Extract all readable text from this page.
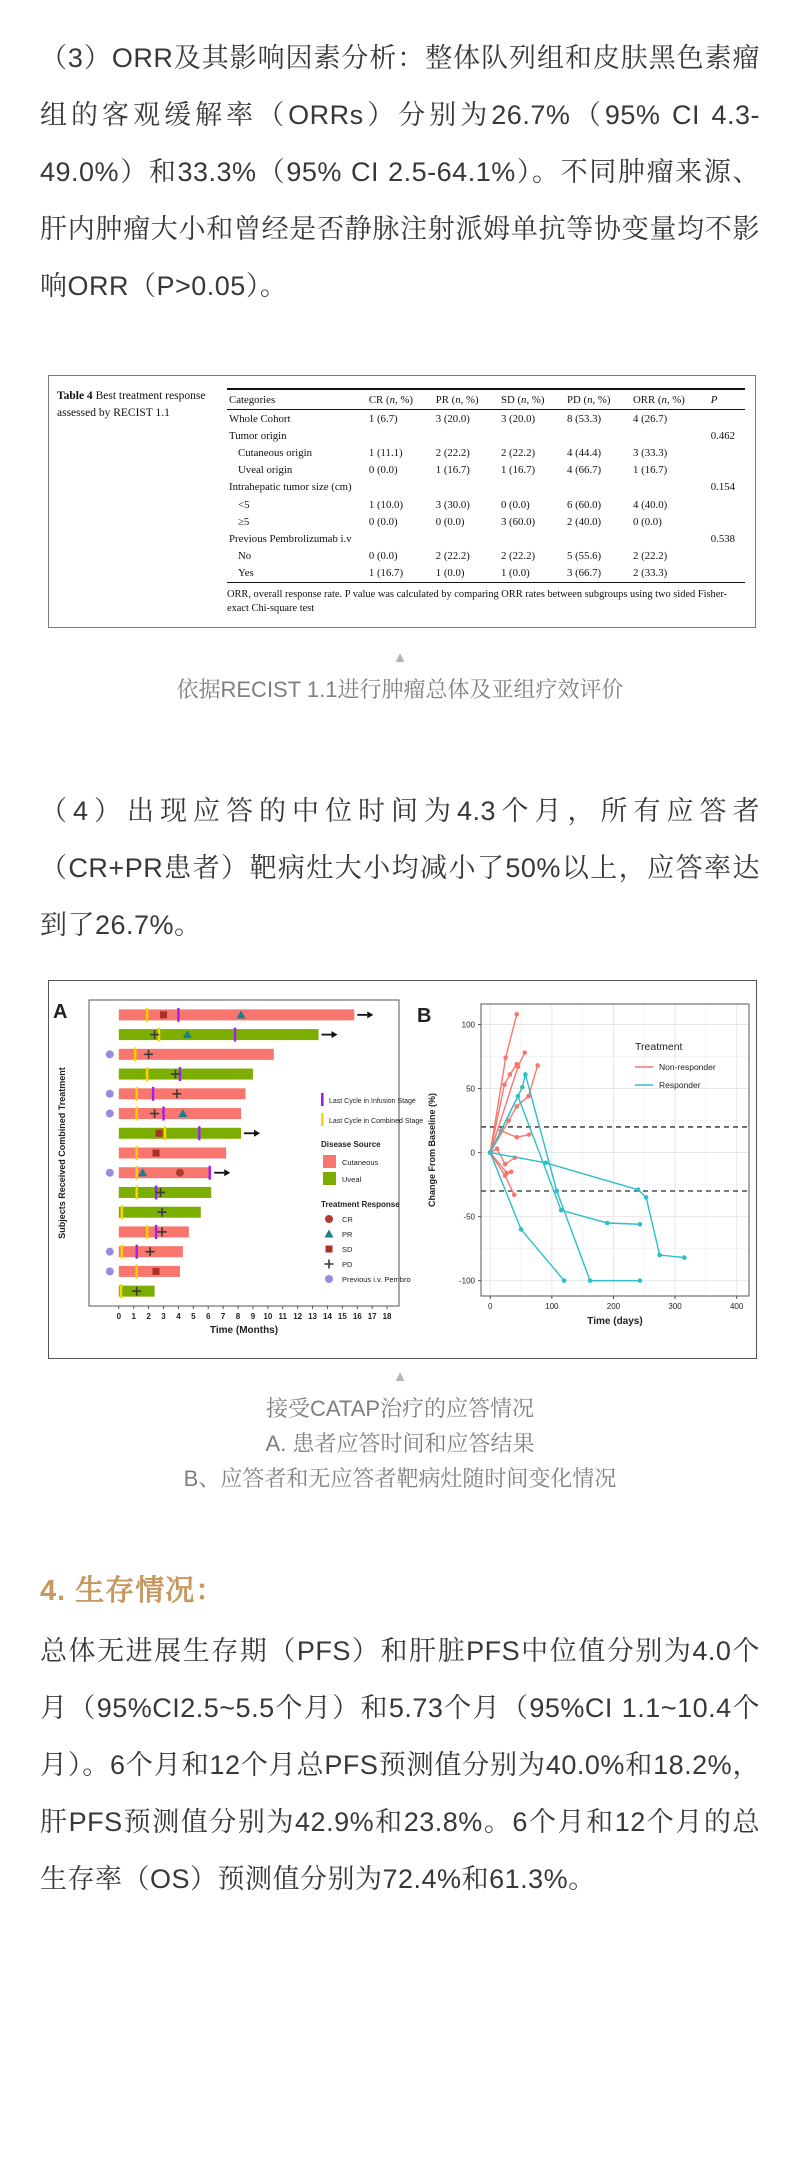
（3）ORR及其影响因素分析：整体队列组和皮肤黑色素瘤组的客观缓解率（ORRs）分别为26.7%（95% CI 4.3-49.0%）和33.3%（95% CI 2.5-64.1%）。不同肿瘤来源、肝内肿瘤大小和曾经是否静脉注射派姆单抗等协变量均不影响ORR（P>0.05）。

Table 4 Best treatment response assessed by RECIST 1.1
Categories	CR (n, %)	PR (n, %)	SD (n, %)	PD (n, %)	ORR (n, %)	P
Whole Cohort	1 (6.7)	3 (20.0)	3 (20.0)	8 (53.3)	4 (26.7)	
Tumor origin						0.462
Cutaneous origin	1 (11.1)	2 (22.2)	2 (22.2)	4 (44.4)	3 (33.3)	
Uveal origin	0 (0.0)	1 (16.7)	1 (16.7)	4 (66.7)	1 (16.7)	
Intrahepatic tumor size (cm)						0.154
<5	1 (10.0)	3 (30.0)	0 (0.0)	6 (60.0)	4 (40.0)	
≥5	0 (0.0)	0 (0.0)	3 (60.0)	2 (40.0)	0 (0.0)	
Previous Pembrolizumab i.v						0.538
No	0 (0.0)	2 (22.2)	2 (22.2)	5 (55.6)	2 (22.2)	
Yes	1 (16.7)	1 (0.0)	1 (0.0)	3 (66.7)	2 (33.3)	
ORR, overall response rate. P value was calculated by comparing ORR rates between subgroups using two sided Fisher-exact Chi-square test
▲
依据RECIST 1.1进行肿瘤总体及亚组疗效评价

（4）出现应答的中位时间为4.3个月，所有应答者（CR+PR患者）靶病灶大小均减小了50%以上，应答率达到了26.7%。

A
Subjects Received Combined Treatment
0 1 2 3 4 5 6 7 8 9 10 11 12 13 14 15 16 17 18
Time (Months)
Last Cycle in Infusion Stage
Last Cycle in Combined Stage
Disease Source
Cutaneous
Uveal
Treatment Response
CR
PR
SD
PD
Previous i.v. Pembro
B
Change From Baseline (%)
-100
-50
0
50
100
0	100	200	300	400
Time (days)
Treatment
Non-responder
Responder
▲
接受CATAP治疗的应答情况
A. 患者应答时间和应答结果
B、应答者和无应答者靶病灶随时间变化情况
4. 生存情况：

总体无进展生存期（PFS）和肝脏PFS中位值分别为4.0个月（95%CI2.5~5.5个月）和5.73个月（95%CI 1.1~10.4个月）。6个月和12个月总PFS预测值分别为40.0%和18.2%，肝PFS预测值分别为42.9%和23.8%。6个月和12个月的总生存率（OS）预测值分别为72.4%和61.3%。
